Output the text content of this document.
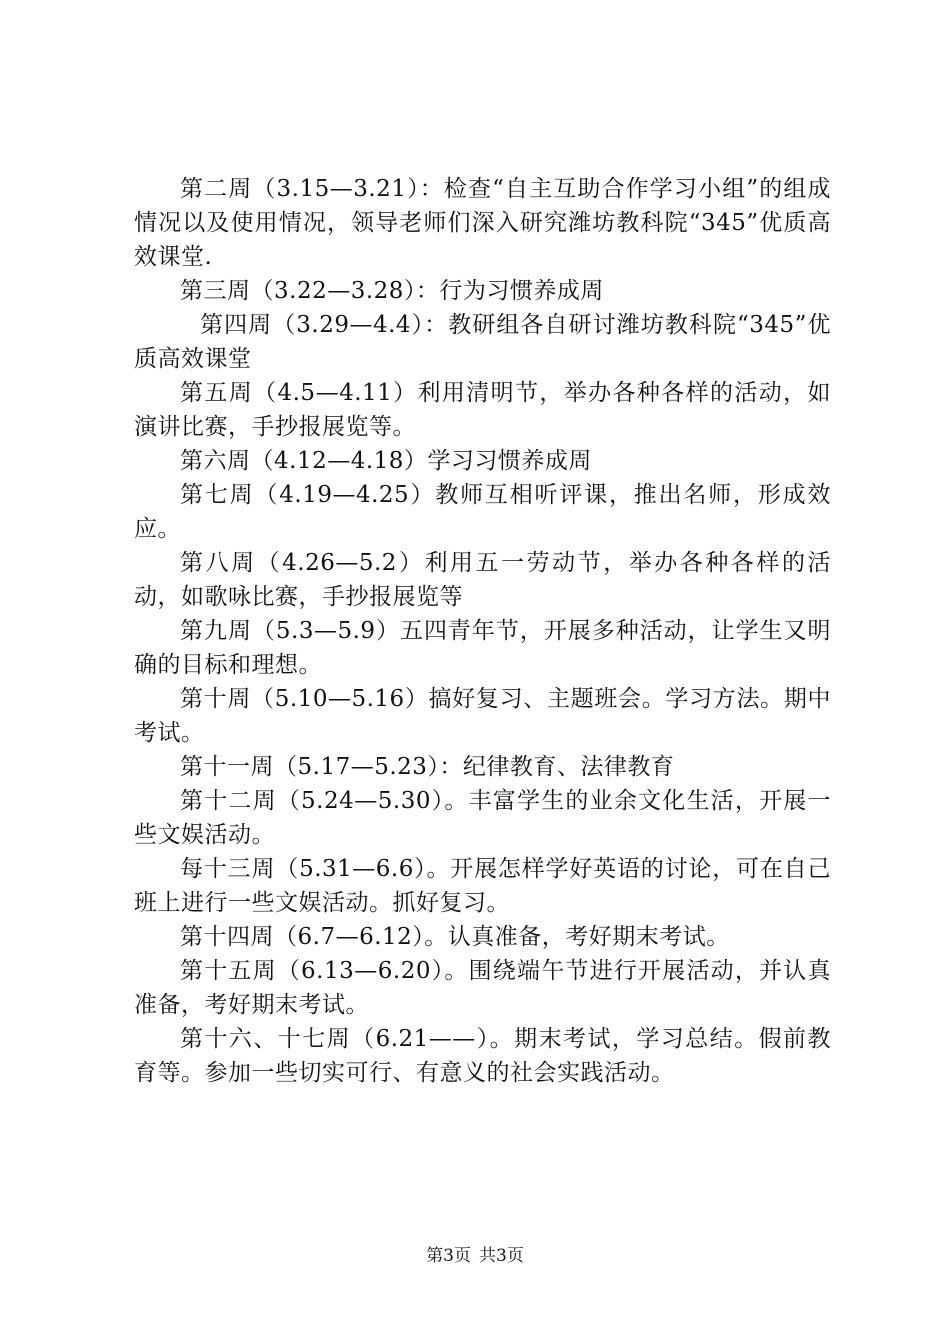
第二周（3.15—3.21）：检查“自主互助合作学习小组”的组成情况以及使用情况，领导老师们深入研究潍坊教科院“345”优质高效课堂.

第三周（3.22—3.28）：行为习惯养成周

第四周（3.29—4.4）：教研组各自研讨潍坊教科院“345”优质高效课堂

第五周（4.5—4.11）利用清明节，举办各种各样的活动，如演讲比赛，手抄报展览等。

第六周（4.12—4.18）学习习惯养成周

第七周（4.19—4.25）教师互相听评课，推出名师，形成效应。

第八周（4.26—5.2）利用五一劳动节，举办各种各样的活动，如歌咏比赛，手抄报展览等

第九周（5.3—5.9）五四青年节，开展多种活动，让学生又明确的目标和理想。

第十周（5.10—5.16）搞好复习、主题班会。学习方法。期中考试。

第十一周（5.17—5.23）：纪律教育、法律教育

第十二周（5.24—5.30）。丰富学生的业余文化生活，开展一些文娱活动。

每十三周（5.31—6.6）。开展怎样学好英语的讨论，可在自己班上进行一些文娱活动。抓好复习。

第十四周（6.7—6.12）。认真准备，考好期末考试。

第十五周（6.13—6.20）。围绕端午节进行开展活动，并认真准备，考好期末考试。

第十六、十七周（6.21——）。期末考试，学习总结。假前教育等。参加一些切实可行、有意义的社会实践活动。

第3页 共3页
